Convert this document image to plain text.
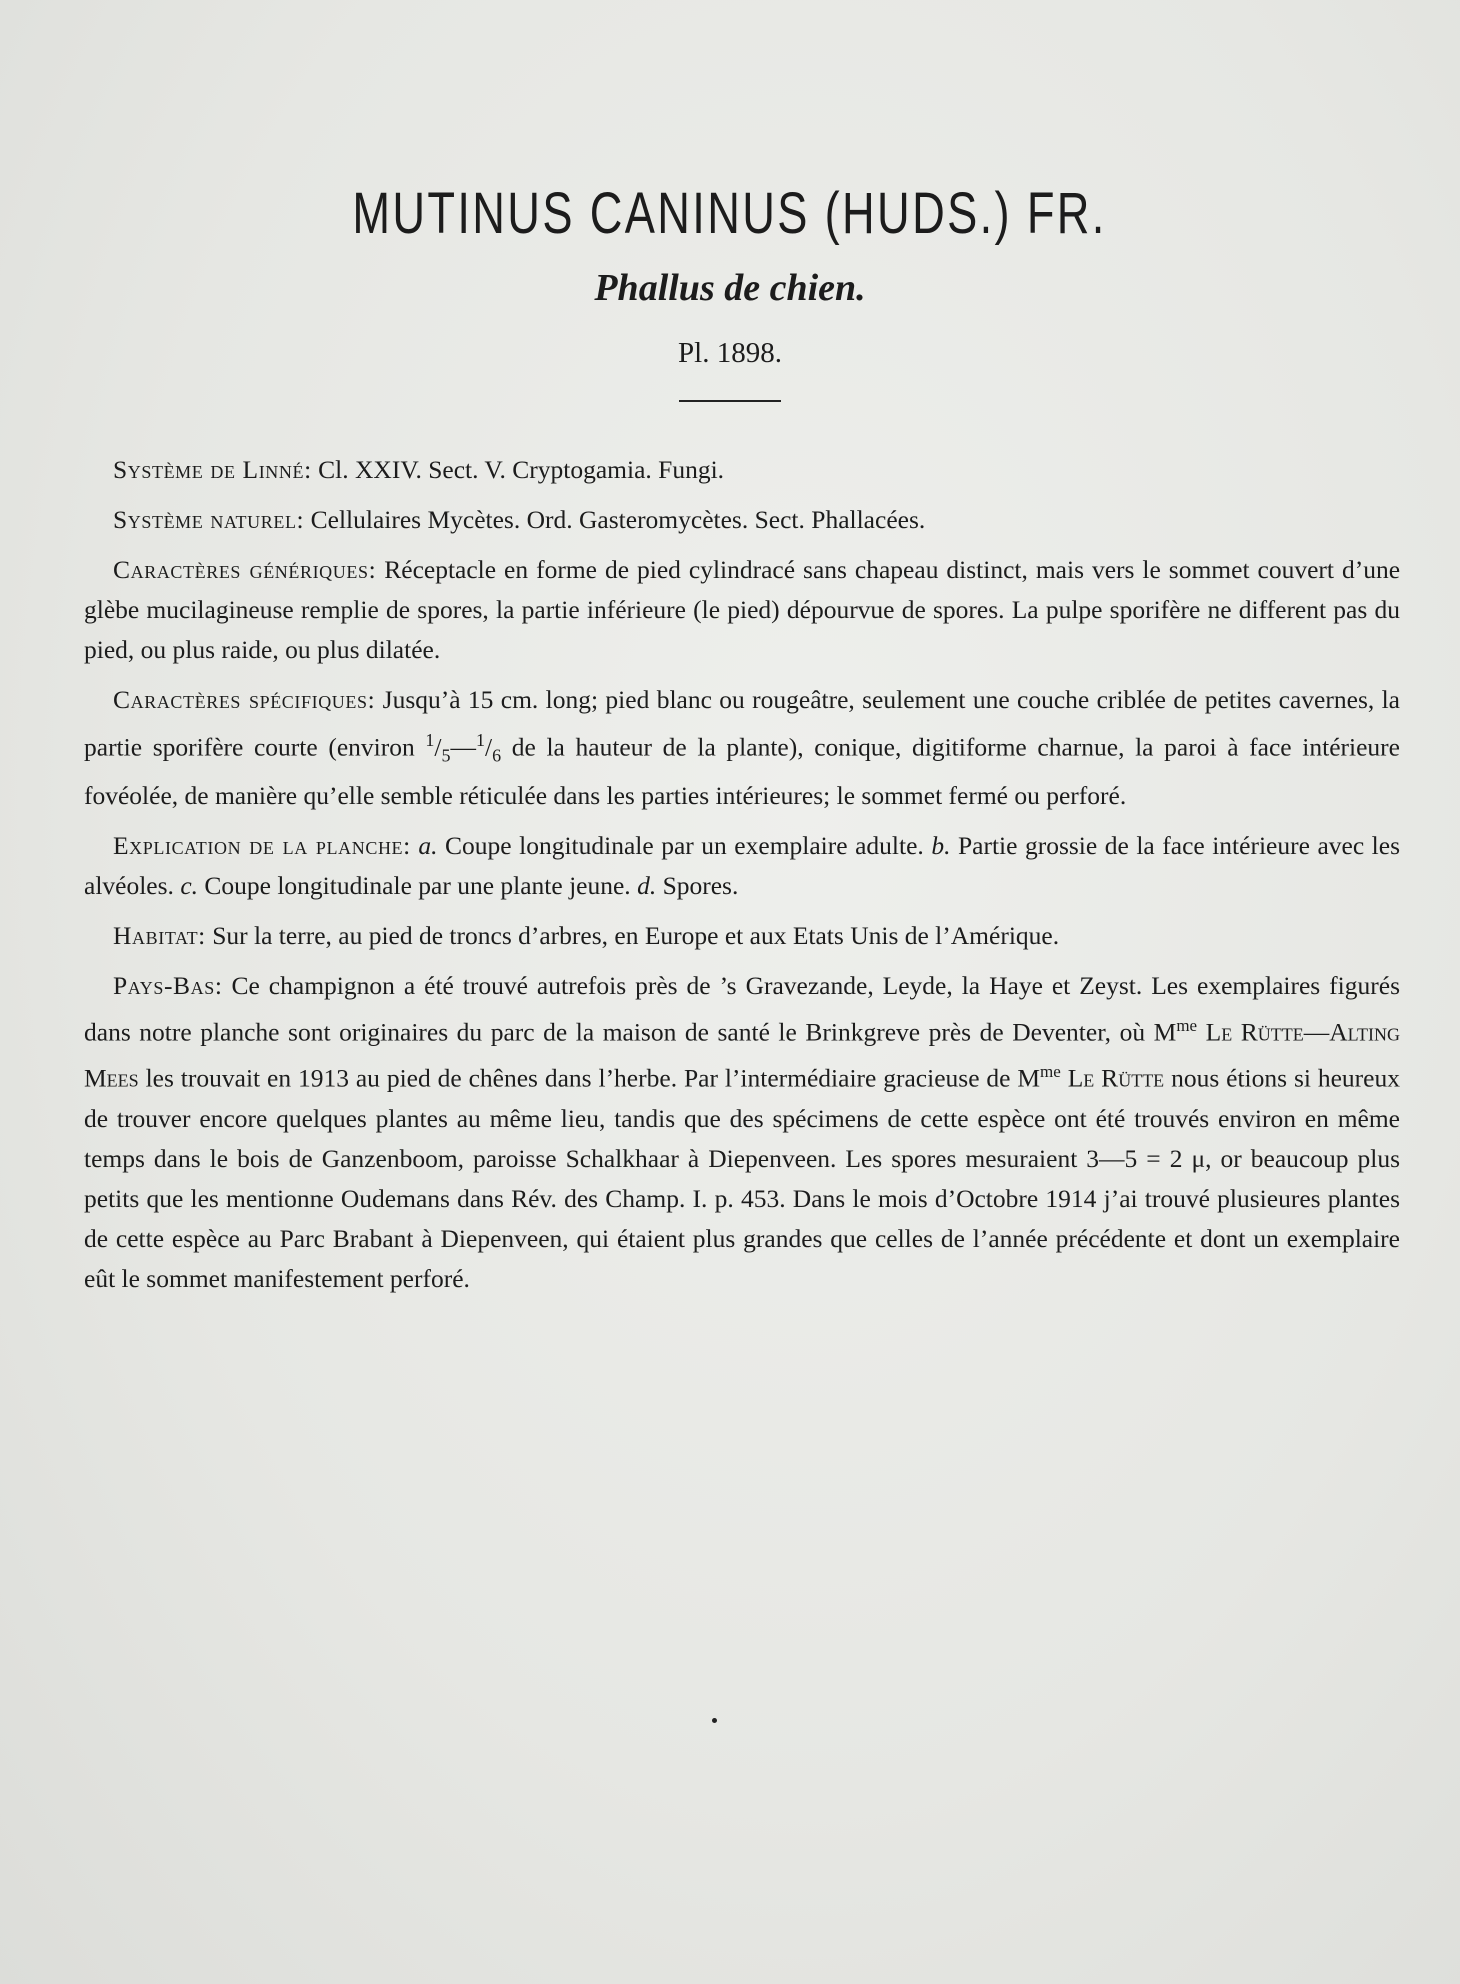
MUTINUS CANINUS (HUDS.) FR.
Phallus de chien.
Pl. 1898.

Système de Linné: Cl. XXIV. Sect. V. Cryptogamia. Fungi.

Système naturel: Cellulaires Mycètes. Ord. Gasteromycètes. Sect. Phallacées.

Caractères génériques: Réceptacle en forme de pied cylindracé sans chapeau distinct, mais vers le sommet couvert d’une glèbe mucilagineuse remplie de spores, la partie inférieure (le pied) dépourvue de spores. La pulpe sporifère ne different pas du pied, ou plus raide, ou plus dilatée.

Caractères spécifiques: Jusqu’à 15 cm. long; pied blanc ou rougeâtre, seulement une couche criblée de petites cavernes, la partie sporifère courte (environ $^1/_5—^1/_6$ de la hauteur de la plante), conique, digitiforme charnue, la paroi à face intérieure fovéolée, de manière qu’elle semble réticulée dans les parties intérieures; le sommet fermé ou perforé.

Explication de la planche: a. Coupe longitudinale par un exemplaire adulte. b. Partie grossie de la face intérieure avec les alvéoles. c. Coupe longitudinale par une plante jeune. d. Spores.

Habitat: Sur la terre, au pied de troncs d’arbres, en Europe et aux Etats Unis de l’Amérique.

Pays-Bas: Ce champignon a été trouvé autrefois près de ’s Gravezande, Leyde, la Haye et Zeyst. Les exemplaires figurés dans notre planche sont originaires du parc de la maison de santé le Brinkgreve près de Deventer, où $M^{me}$ Le Rütte—Alting Mees les trouvait en 1913 au pied de chênes dans l’herbe. Par l’intermédiaire gracieuse de $M^{me}$ Le Rütte nous étions si heureux de trouver encore quelques plantes au même lieu, tandis que des spécimens de cette espèce ont été trouvés environ en même temps dans le bois de Ganzenboom, paroisse Schalkhaar à Diepenveen. Les spores mesuraient 3—5 = 2 μ, or beaucoup plus petits que les mentionne Oudemans dans Rév. des Champ. I. p. 453. Dans le mois d’Octobre 1914 j’ai trouvé plusieures plantes de cette espèce au Parc Brabant à Diepenveen, qui étaient plus grandes que celles de l’année précédente et dont un exemplaire eût le sommet manifestement perforé.
